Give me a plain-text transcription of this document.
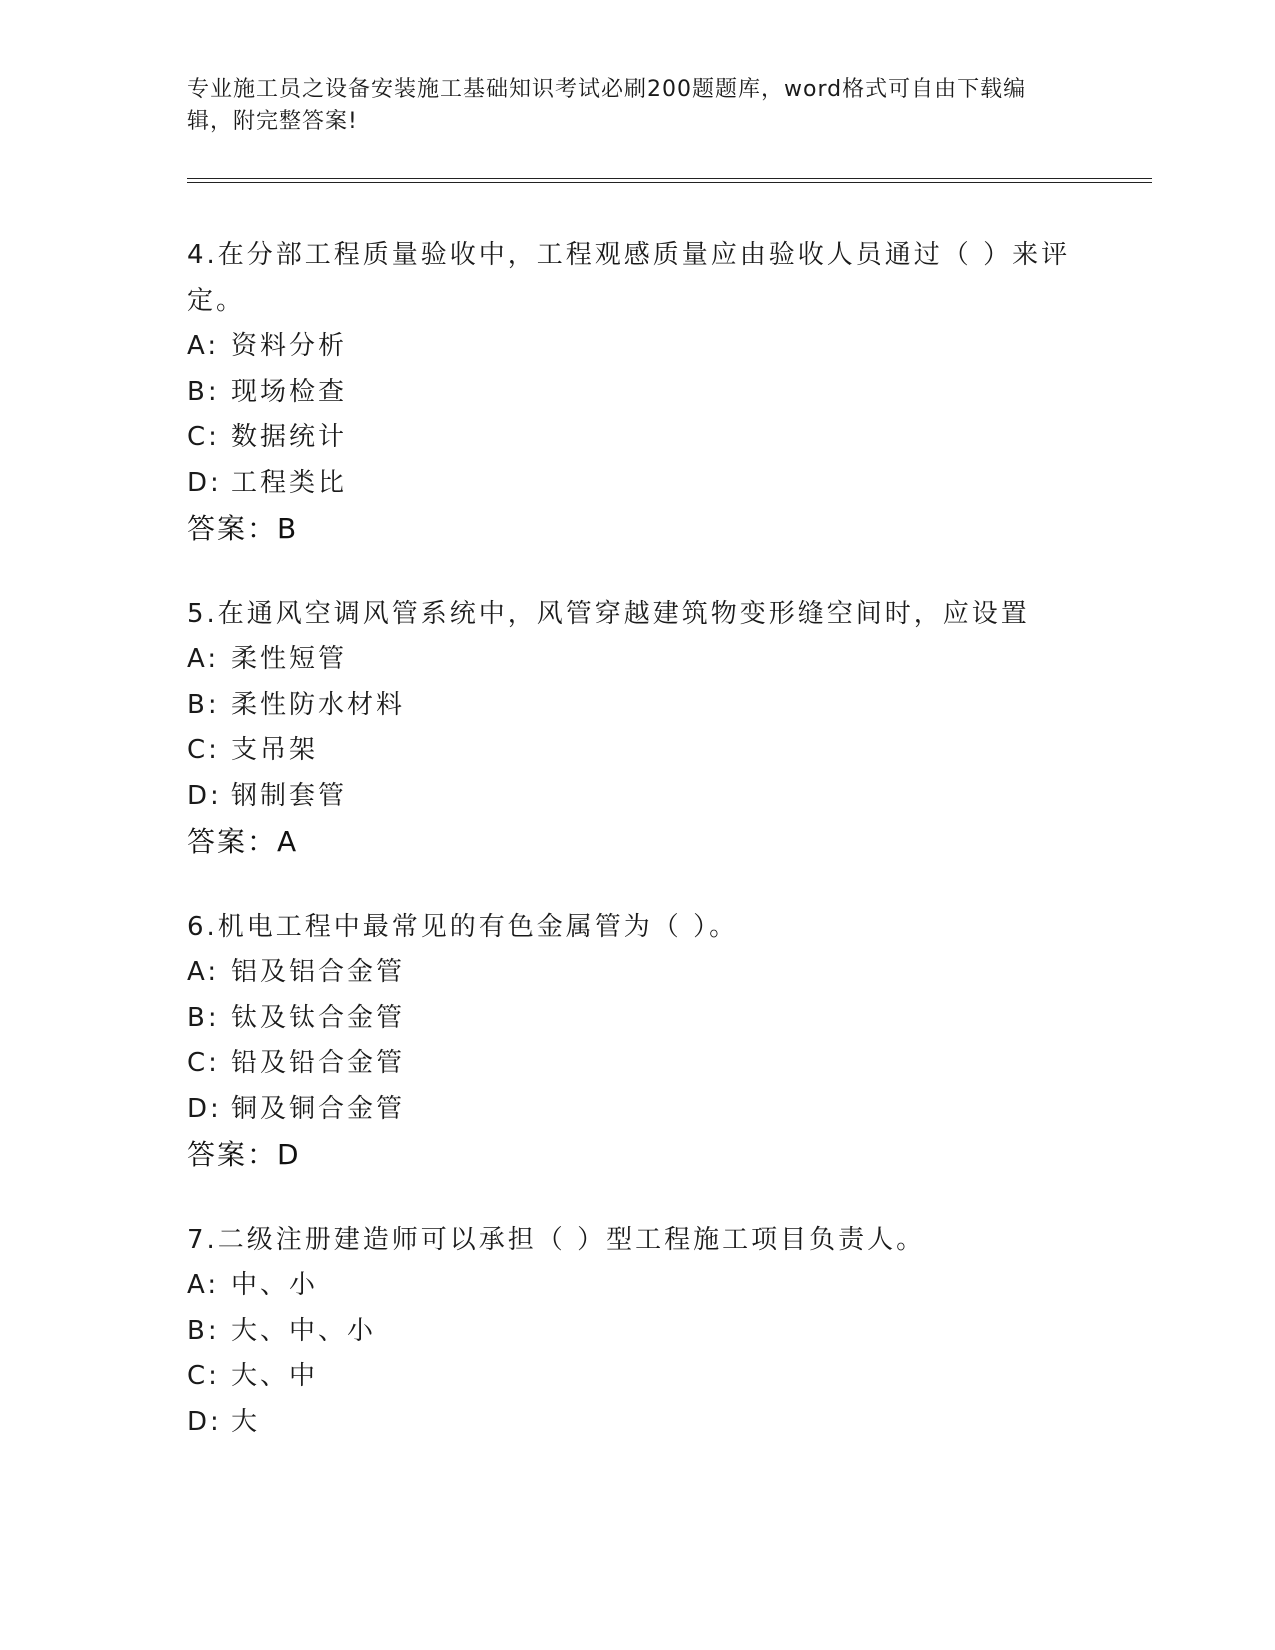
专业施工员之设备安装施工基础知识考试必刷200题题库，word格式可自由下载编辑，附完整答案!

4.在分部工程质量验收中，工程观感质量应由验收人员通过（ ）来评定。

A: 资料分析

B: 现场检查

C: 数据统计

D: 工程类比

答案：B

5.在通风空调风管系统中，风管穿越建筑物变形缝空间时，应设置

A: 柔性短管

B: 柔性防水材料

C: 支吊架

D: 钢制套管

答案：A

6.机电工程中最常见的有色金属管为（ ）。

A: 铝及铝合金管

B: 钛及钛合金管

C: 铅及铅合金管

D: 铜及铜合金管

答案：D

7.二级注册建造师可以承担（ ）型工程施工项目负责人。

A: 中、小

B: 大、中、小

C: 大、中

D: 大
